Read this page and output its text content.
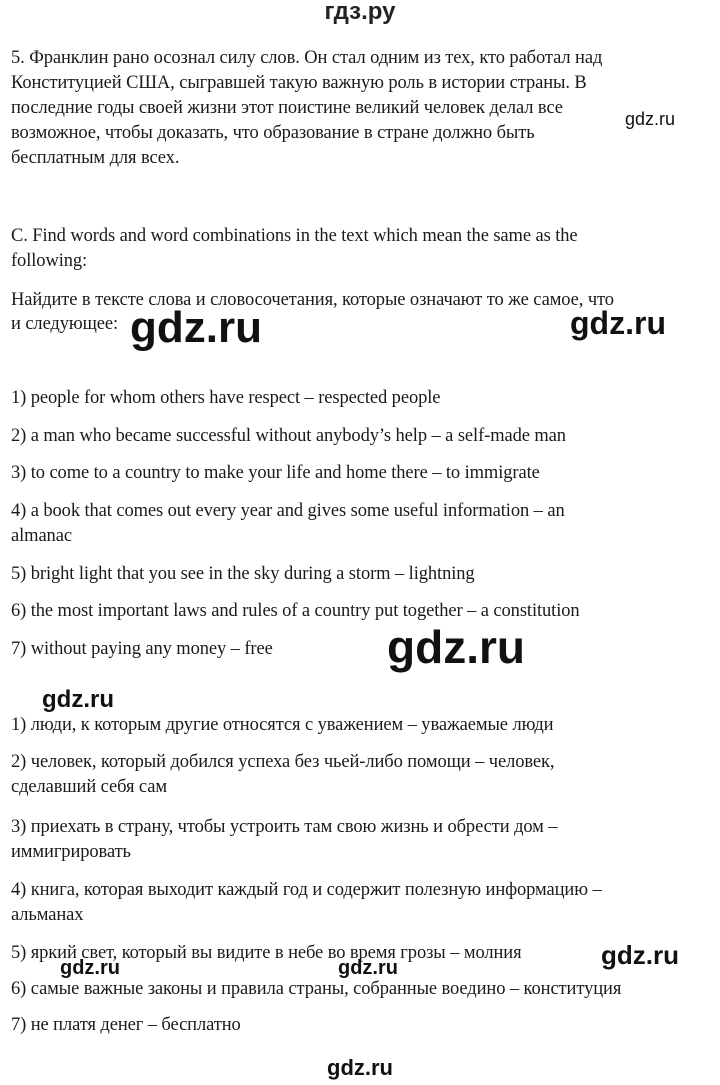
гдз.ру
5. Франклин рано осознал силу слов. Он стал одним из тех, кто работал над
Конституцией США, сыгравшей такую важную роль в истории страны. В
последние годы своей жизни этот поистине великий человек делал все
возможное, чтобы доказать, что образование в стране должно быть
бесплатным для всех.
C. Find words and word combinations in the text which mean the same as the
following:
Найдите в тексте слова и словосочетания, которые означают то же самое, что
и следующее:
1) people for whom others have respect – respected people
2) a man who became successful without anybody’s help – a self-made man
3) to come to a country to make your life and home there – to immigrate
4) a book that comes out every year and gives some useful information – an
almanac
5) bright light that you see in the sky during a storm – lightning
6) the most important laws and rules of a country put together – a constitution
7) without paying any money – free
1) люди, к которым другие относятся с уважением – уважаемые люди
2) человек, который добился успеха без чьей-либо помощи – человек,
сделавший себя сам
3) приехать в страну, чтобы устроить там свою жизнь и обрести дом –
иммигрировать
4) книга, которая выходит каждый год и содержит полезную информацию –
альманах
5) яркий свет, который вы видите в небе во время грозы – молния
6) самые важные законы и правила страны, собранные воедино – конституция
7) не платя денег – бесплатно
gdz.ru
gdz.ru	gdz.ru
gdz.ru
gdz.ru
gdz.ru
gdz.ru	gdz.ru
gdz.ru
